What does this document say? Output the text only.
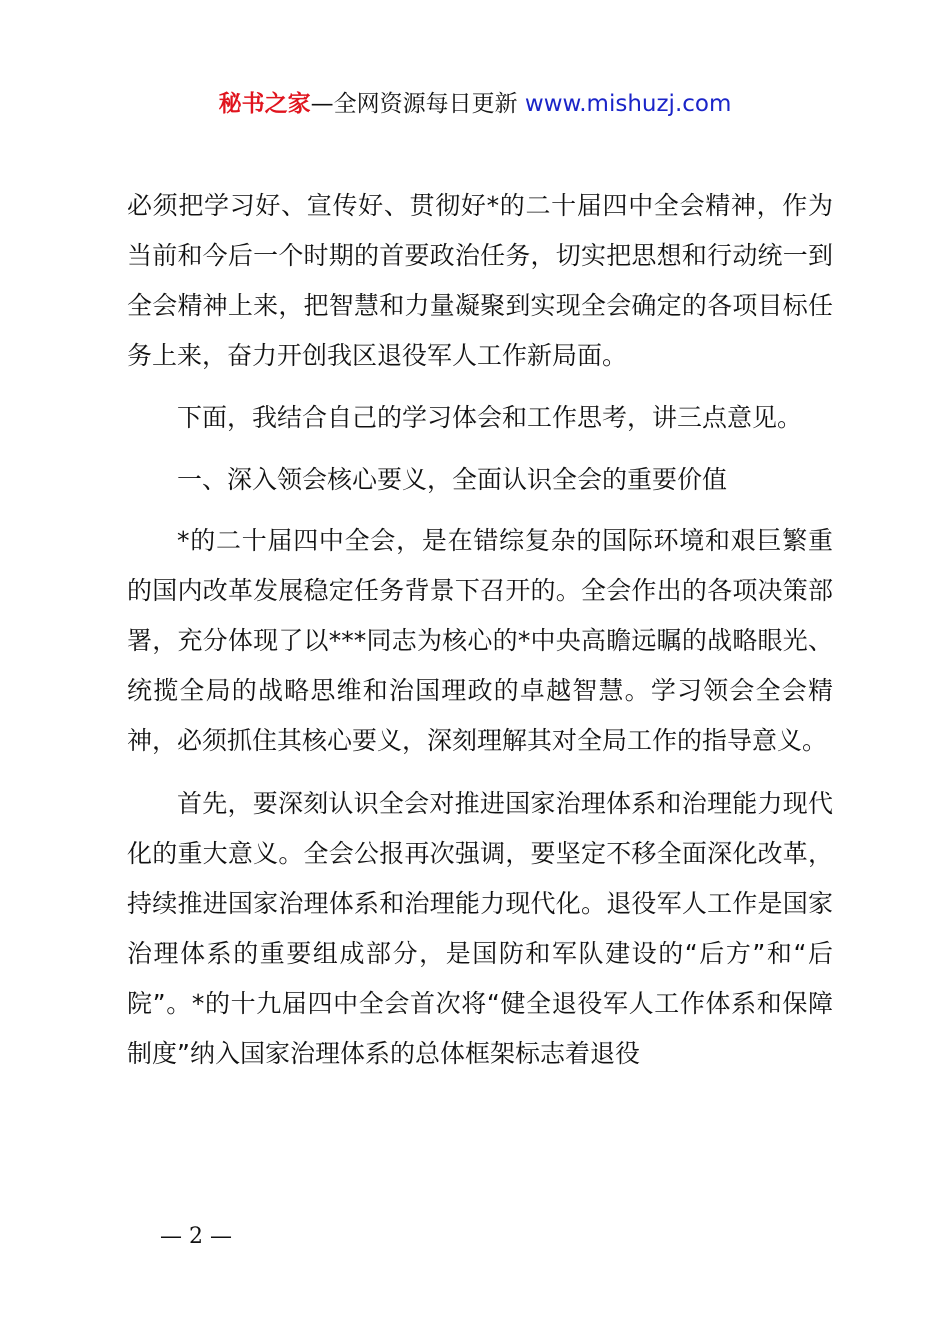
秘书之家—全网资源每日更新 www.mishuzj.com

必须把学习好、宣传好、贯彻好*的二十届四中全会精神，作为当前和今后一个时期的首要政治任务，切实把思想和行动统一到全会精神上来，把智慧和力量凝聚到实现全会确定的各项目标任务上来，奋力开创我区退役军人工作新局面。

下面，我结合自己的学习体会和工作思考，讲三点意见。

一、深入领会核心要义，全面认识全会的重要价值

*的二十届四中全会，是在错综复杂的国际环境和艰巨繁重的国内改革发展稳定任务背景下召开的。全会作出的各项决策部署，充分体现了以***同志为核心的*中央高瞻远瞩的战略眼光、统揽全局的战略思维和治国理政的卓越智慧。学习领会全会精神，必须抓住其核心要义，深刻理解其对全局工作的指导意义。

首先，要深刻认识全会对推进国家治理体系和治理能力现代化的重大意义。全会公报再次强调，要坚定不移全面深化改革，持续推进国家治理体系和治理能力现代化。退役军人工作是国家治理体系的重要组成部分，是国防和军队建设的“后方”和“后院”。*的十九届四中全会首次将“健全退役军人工作体系和保障制度”纳入国家治理体系的总体框架标志着退役

— 2 —
